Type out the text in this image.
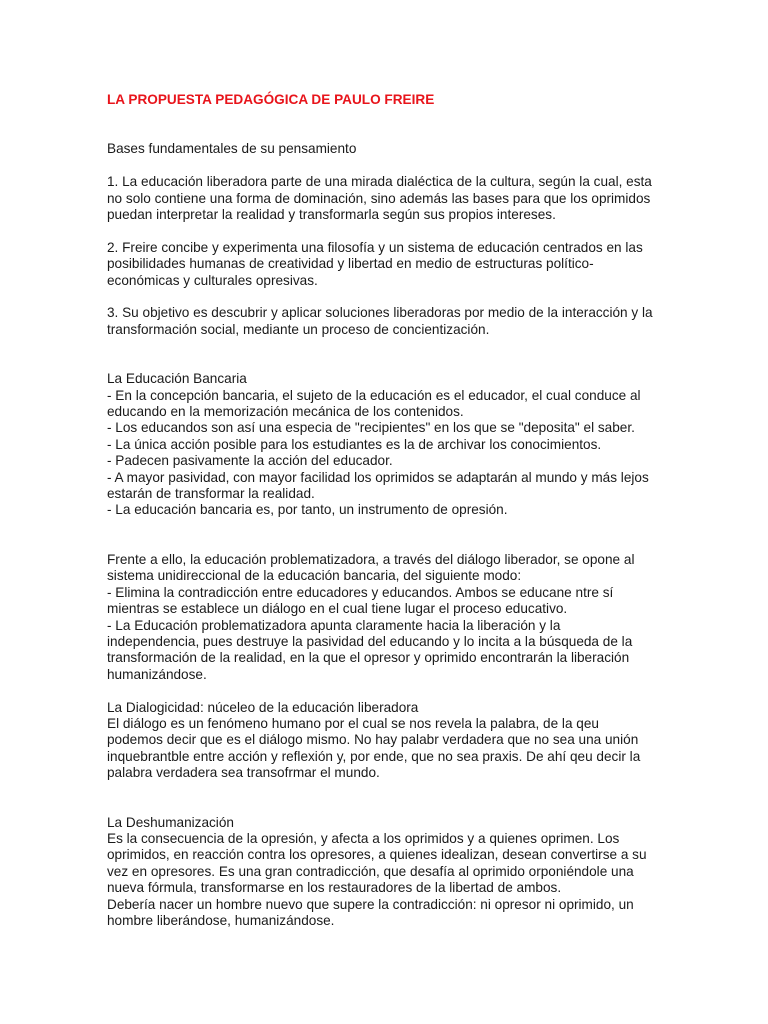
LA PROPUESTA PEDAGÓGICA DE PAULO FREIRE
Bases fundamentales de su pensamiento
1. La educación liberadora parte de una mirada dialéctica de la cultura, según la cual, esta
no solo contiene una forma de dominación, sino además las bases para que los oprimidos
puedan interpretar la realidad y transformarla según sus propios intereses.
2. Freire concibe y experimenta una filosofía y un sistema de educación centrados en las
posibilidades humanas de creatividad y libertad en medio de estructuras político-
económicas y culturales opresivas.
3. Su objetivo es descubrir y aplicar soluciones liberadoras por medio de la interacción y la
transformación social, mediante un proceso de concientización.
La Educación Bancaria
- En la concepción bancaria, el sujeto de la educación es el educador, el cual conduce al
educando en la memorización mecánica de los contenidos.
- Los educandos son así una especia de "recipientes" en los que se "deposita" el saber.
- La única acción posible para los estudiantes es la de archivar los conocimientos.
- Padecen pasivamente la acción del educador.
- A mayor pasividad, con mayor facilidad los oprimidos se adaptarán al mundo y más lejos
estarán de transformar la realidad.
- La educación bancaria es, por tanto, un instrumento de opresión.
Frente a ello, la educación problematizadora, a través del diálogo liberador, se opone al
sistema unidireccional de la educación bancaria, del siguiente modo:
- Elimina la contradicción entre educadores y educandos. Ambos se educane ntre sí
mientras se establece un diálogo en el cual tiene lugar el proceso educativo.
- La Educación problematizadora apunta claramente hacia la liberación y la
independencia, pues destruye la pasividad del educando y lo incita a la búsqueda de la
transformación de la realidad, en la que el opresor y oprimido encontrarán la liberación
humanizándose.
La Dialogicidad: núceleo de la educación liberadora
El diálogo es un fenómeno humano por el cual se nos revela la palabra, de la qeu
podemos decir que es el diálogo mismo. No hay palabr verdadera que no sea una unión
inquebrantble entre acción y reflexión y, por ende, que no sea praxis. De ahí qeu decir la
palabra verdadera sea transofrmar el mundo.
La Deshumanización
Es la consecuencia de la opresión, y afecta a los oprimidos y a quienes oprimen. Los
oprimidos, en reacción contra los opresores, a quienes idealizan, desean convertirse a su
vez en opresores. Es una gran contradicción, que desafía al oprimido orponiéndole una
nueva fórmula, transformarse en los restauradores de la libertad de ambos.
Debería nacer un hombre nuevo que supere la contradicción: ni opresor ni oprimido, un
hombre liberándose, humanizándose.
